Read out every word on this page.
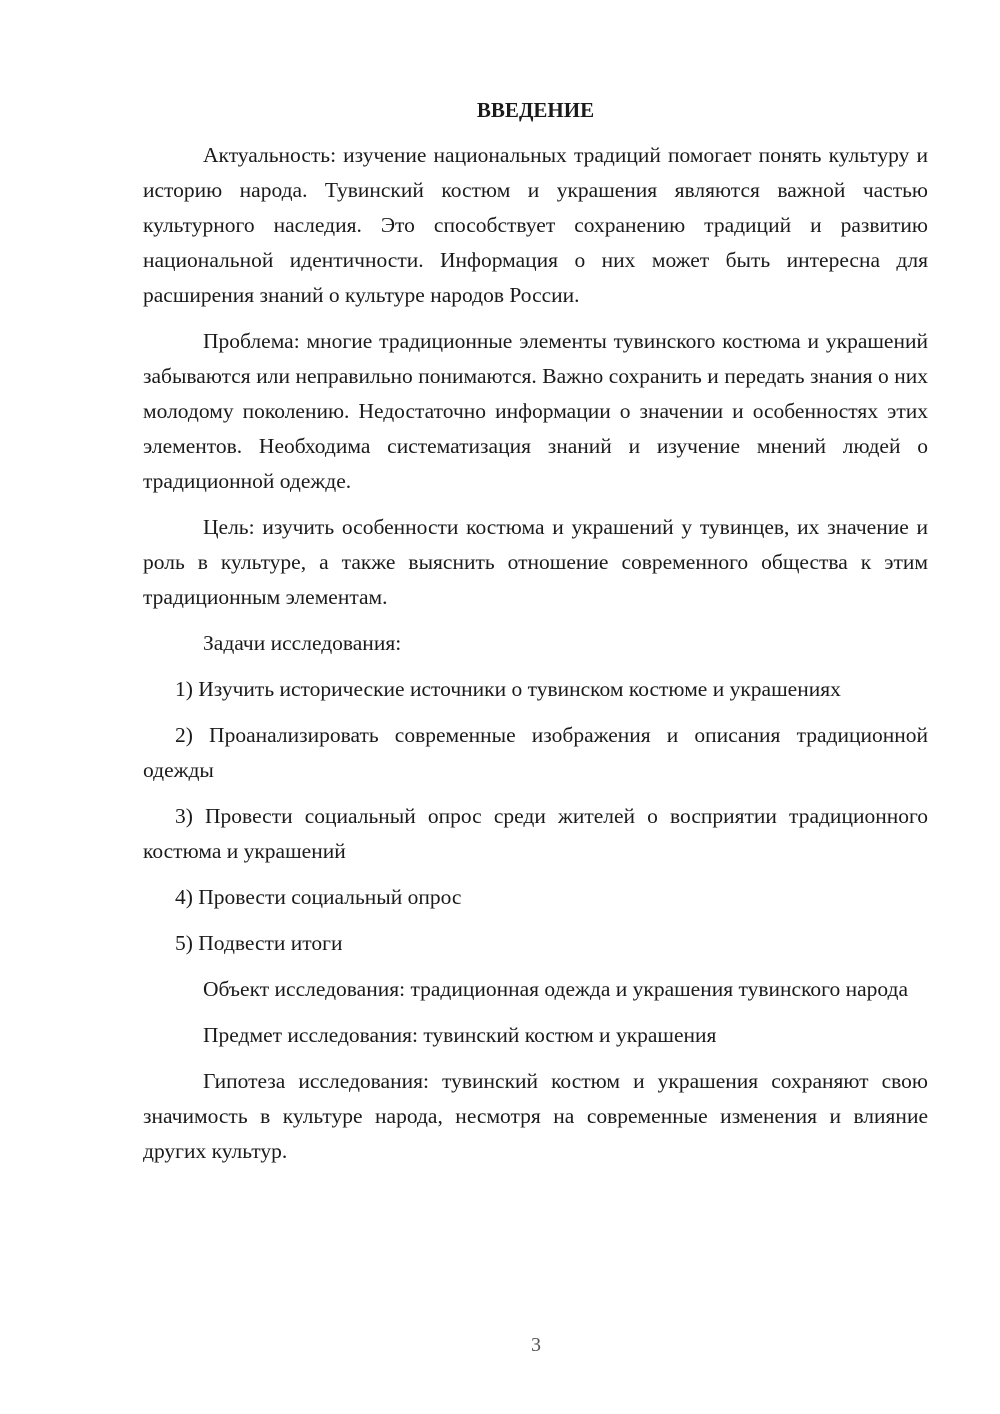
ВВЕДЕНИЕ

Актуальность: изучение национальных традиций помогает понять культуру и историю народа. Тувинский костюм и украшения являются важной частью культурного наследия. Это способствует сохранению традиций и развитию национальной идентичности. Информация о них может быть интересна для расширения знаний о культуре народов России.

Проблема: многие традиционные элементы тувинского костюма и украшений забываются или неправильно понимаются. Важно сохранить и передать знания о них молодому поколению. Недостаточно информации о значении и особенностях этих элементов. Необходима систематизация знаний и изучение мнений людей о традиционной одежде.

Цель: изучить особенности костюма и украшений у тувинцев, их значение и роль в культуре, а также выяснить отношение современного общества к этим традиционным элементам.

Задачи исследования:

1) Изучить исторические источники о тувинском костюме и украшениях

2) Проанализировать современные изображения и описания традиционной одежды

3) Провести социальный опрос среди жителей о восприятии традиционного костюма и украшений

4) Провести социальный опрос

5) Подвести итоги

Объект исследования: традиционная одежда и украшения тувинского народа

Предмет исследования: тувинский костюм и украшения

Гипотеза исследования: тувинский костюм и украшения сохраняют свою значимость в культуре народа, несмотря на современные изменения и влияние других культур.

3
